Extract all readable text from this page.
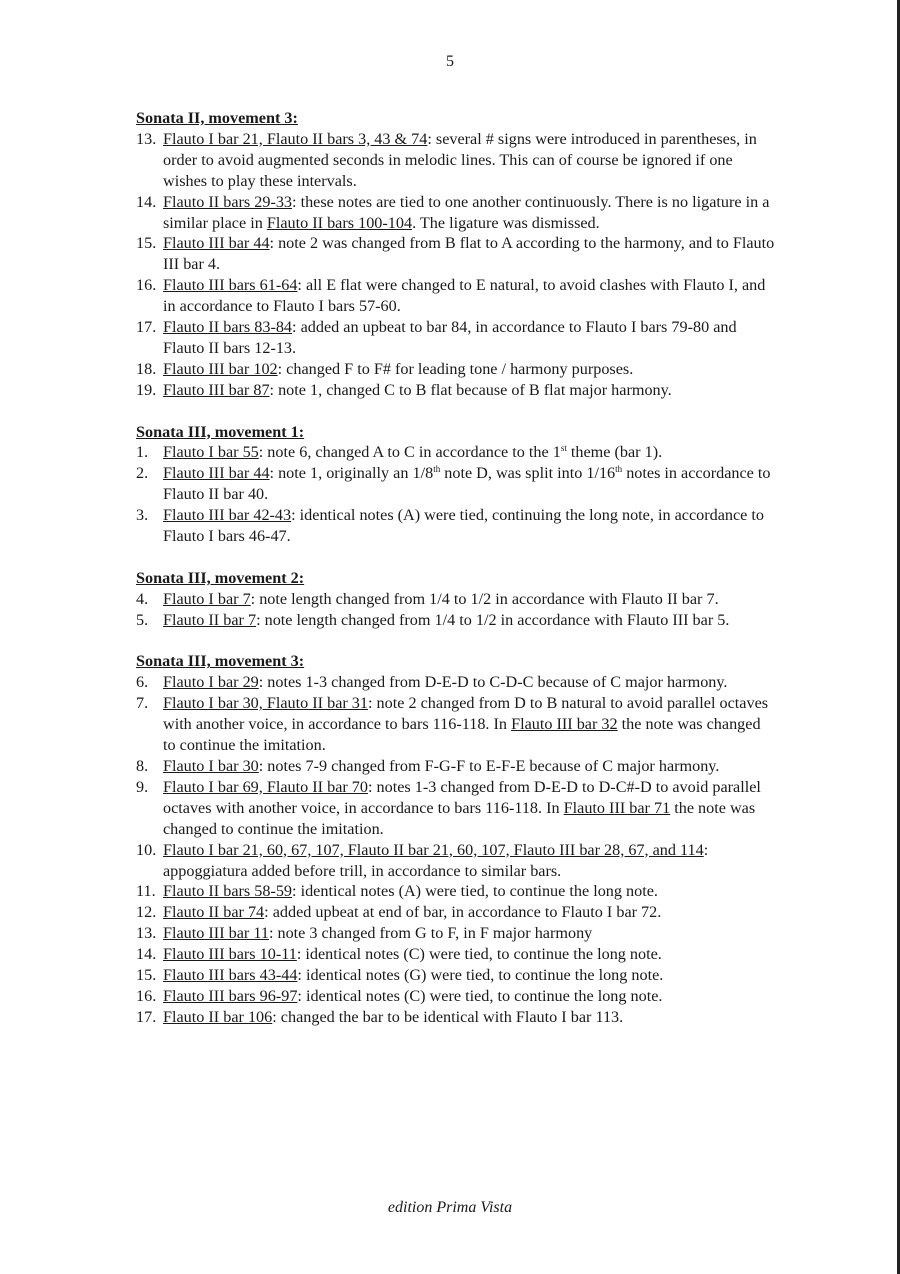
5
Sonata II, movement 3:
13. Flauto I bar 21, Flauto II bars 3, 43 & 74: several # signs were introduced in parentheses, in order to avoid augmented seconds in melodic lines. This can of course be ignored if one wishes to play these intervals.
14. Flauto II bars 29-33: these notes are tied to one another continuously. There is no ligature in a similar place in Flauto II bars 100-104. The ligature was dismissed.
15. Flauto III bar 44: note 2 was changed from B flat to A according to the harmony, and to Flauto III bar 4.
16. Flauto III bars 61-64: all E flat were changed to E natural, to avoid clashes with Flauto I, and in accordance to Flauto I bars 57-60.
17. Flauto II bars 83-84: added an upbeat to bar 84, in accordance to Flauto I bars 79-80 and Flauto II bars 12-13.
18. Flauto III bar 102: changed F to F# for leading tone / harmony purposes.
19. Flauto III bar 87: note 1, changed C to B flat because of B flat major harmony.
Sonata III, movement 1:
1. Flauto I bar 55: note 6, changed A to C in accordance to the 1st theme (bar 1).
2. Flauto III bar 44: note 1, originally an 1/8th note D, was split into 1/16th notes in accordance to Flauto II bar 40.
3. Flauto III bar 42-43: identical notes (A) were tied, continuing the long note, in accordance to Flauto I bars 46-47.
Sonata III, movement 2:
4. Flauto I bar 7: note length changed from 1/4 to 1/2 in accordance with Flauto II bar 7.
5. Flauto II bar 7: note length changed from 1/4 to 1/2 in accordance with Flauto III bar 5.
Sonata III, movement 3:
6. Flauto I bar 29: notes 1-3 changed from D-E-D to C-D-C because of C major harmony.
7. Flauto I bar 30, Flauto II bar 31: note 2 changed from D to B natural to avoid parallel octaves with another voice, in accordance to bars 116-118. In Flauto III bar 32 the note was changed to continue the imitation.
8. Flauto I bar 30: notes 7-9 changed from F-G-F to E-F-E because of C major harmony.
9. Flauto I bar 69, Flauto II bar 70: notes 1-3 changed from D-E-D to D-C#-D to avoid parallel octaves with another voice, in accordance to bars 116-118. In Flauto III bar 71 the note was changed to continue the imitation.
10. Flauto I bar 21, 60, 67, 107, Flauto II bar 21, 60, 107, Flauto III bar 28, 67, and 114: appoggiatura added before trill, in accordance to similar bars.
11. Flauto II bars 58-59: identical notes (A) were tied, to continue the long note.
12. Flauto II bar 74: added upbeat at end of bar, in accordance to Flauto I bar 72.
13. Flauto III bar 11: note 3 changed from G to F, in F major harmony
14. Flauto III bars 10-11: identical notes (C) were tied, to continue the long note.
15. Flauto III bars 43-44: identical notes (G) were tied, to continue the long note.
16. Flauto III bars 96-97: identical notes (C) were tied, to continue the long note.
17. Flauto II bar 106: changed the bar to be identical with Flauto I bar 113.
edition Prima Vista
